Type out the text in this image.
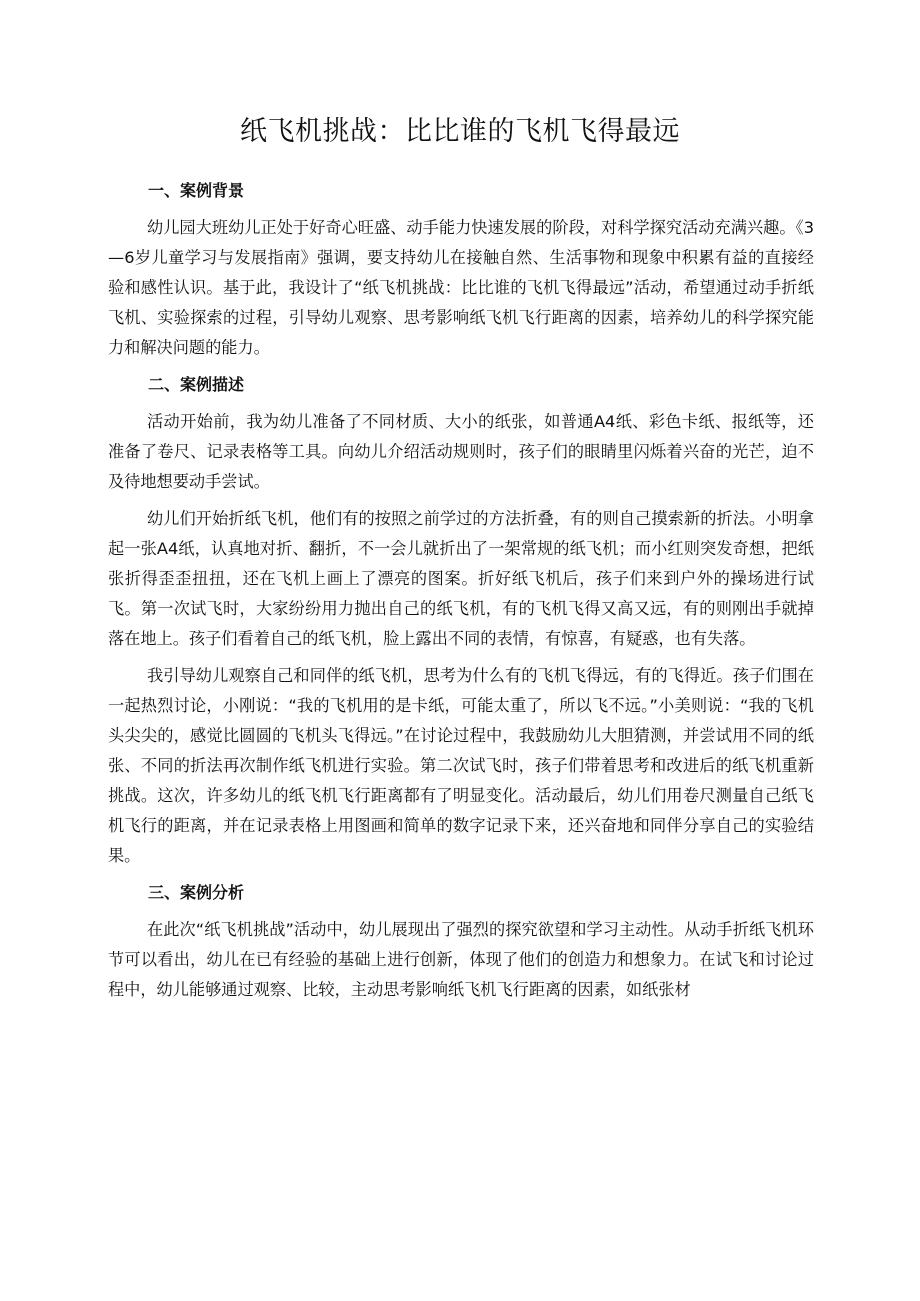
纸飞机挑战：比比谁的飞机飞得最远
一、案例背景

幼儿园大班幼儿正处于好奇心旺盛、动手能力快速发展的阶段，对科学探究活动充满兴趣。《3—6岁儿童学习与发展指南》强调，要支持幼儿在接触自然、生活事物和现象中积累有益的直接经验和感性认识。基于此，我设计了“纸飞机挑战：比比谁的飞机飞得最远”活动，希望通过动手折纸飞机、实验探索的过程，引导幼儿观察、思考影响纸飞机飞行距离的因素，培养幼儿的科学探究能力和解决问题的能力。

二、案例描述

活动开始前，我为幼儿准备了不同材质、大小的纸张，如普通A4纸、彩色卡纸、报纸等，还准备了卷尺、记录表格等工具。向幼儿介绍活动规则时，孩子们的眼睛里闪烁着兴奋的光芒，迫不及待地想要动手尝试。

幼儿们开始折纸飞机，他们有的按照之前学过的方法折叠，有的则自己摸索新的折法。小明拿起一张A4纸，认真地对折、翻折，不一会儿就折出了一架常规的纸飞机；而小红则突发奇想，把纸张折得歪歪扭扭，还在飞机上画上了漂亮的图案。折好纸飞机后，孩子们来到户外的操场进行试飞。第一次试飞时，大家纷纷用力抛出自己的纸飞机，有的飞机飞得又高又远，有的则刚出手就掉落在地上。孩子们看着自己的纸飞机，脸上露出不同的表情，有惊喜，有疑惑，也有失落。

我引导幼儿观察自己和同伴的纸飞机，思考为什么有的飞机飞得远，有的飞得近。孩子们围在一起热烈讨论，小刚说：“我的飞机用的是卡纸，可能太重了，所以飞不远。”小美则说：“我的飞机头尖尖的，感觉比圆圆的飞机头飞得远。”在讨论过程中，我鼓励幼儿大胆猜测，并尝试用不同的纸张、不同的折法再次制作纸飞机进行实验。第二次试飞时，孩子们带着思考和改进后的纸飞机重新挑战。这次，许多幼儿的纸飞机飞行距离都有了明显变化。活动最后，幼儿们用卷尺测量自己纸飞机飞行的距离，并在记录表格上用图画和简单的数字记录下来，还兴奋地和同伴分享自己的实验结果。

三、案例分析

在此次“纸飞机挑战”活动中，幼儿展现出了强烈的探究欲望和学习主动性。从动手折纸飞机环节可以看出，幼儿在已有经验的基础上进行创新，体现了他们的创造力和想象力。在试飞和讨论过程中，幼儿能够通过观察、比较，主动思考影响纸飞机飞行距离的因素，如纸张材
